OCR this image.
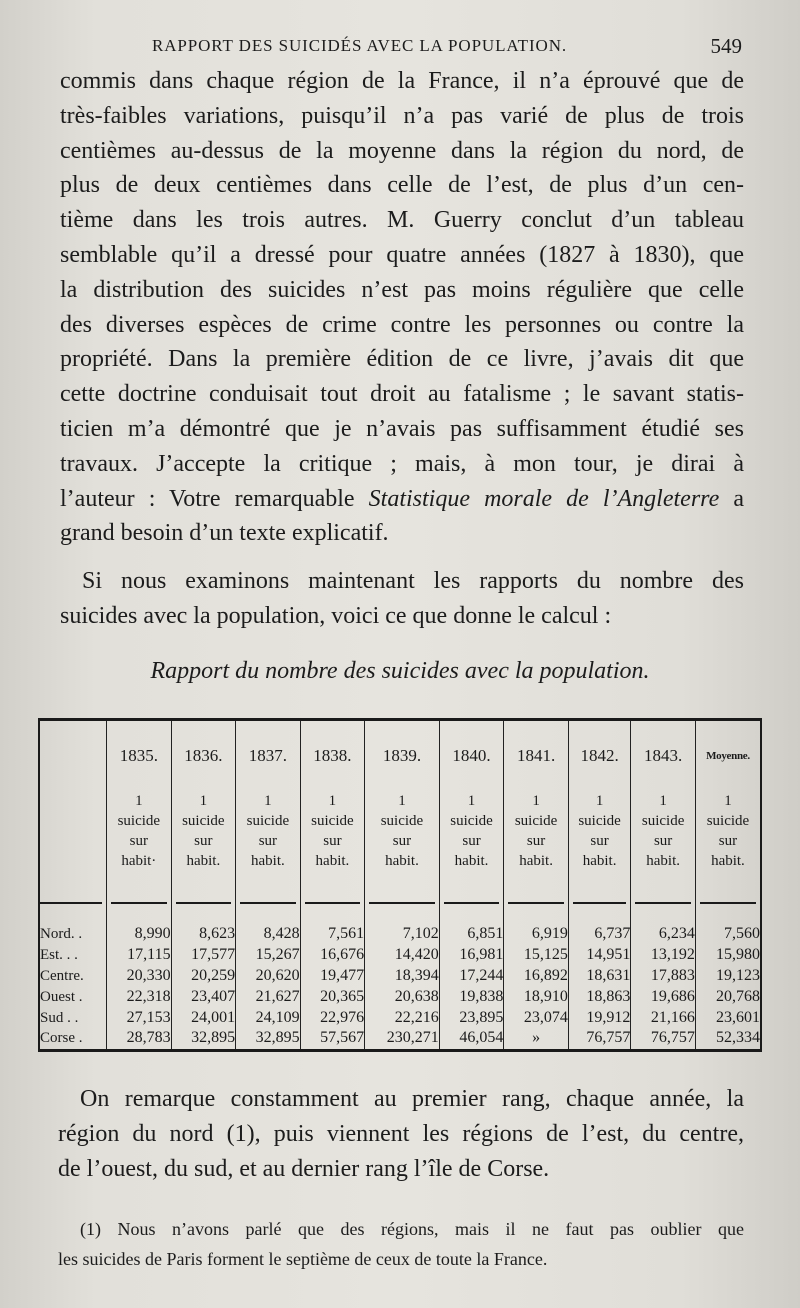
RAPPORT DES SUICIDÉS AVEC LA POPULATION.	549
commis dans chaque région de la France, il n’a éprouvé que de
très-faibles variations, puisqu’il n’a pas varié de plus de trois
centièmes au-dessus de la moyenne dans la région du nord, de
plus de deux centièmes dans celle de l’est, de plus d’un cen-
tième dans les trois autres. M. Guerry conclut d’un tableau
semblable qu’il a dressé pour quatre années (1827 à 1830), que
la distribution des suicides n’est pas moins régulière que celle
des diverses espèces de crime contre les personnes ou contre la
propriété. Dans la première édition de ce livre, j’avais dit que
cette doctrine conduisait tout droit au fatalisme ; le savant statis-
ticien m’a démontré que je n’avais pas suffisamment étudié ses
travaux. J’accepte la critique ; mais, à mon tour, je dirai à
l’auteur : Votre remarquable Statistique morale de l’Angleterre a
grand besoin d’un texte explicatif.
Si nous examinons maintenant les rapports du nombre des
suicides avec la population, voici ce que donne le calcul :
Rapport du nombre des suicides avec la population.
	1835.	1836.	1837.	1838.	1839.	1840.	1841.	1842.	1843.	Moyenne.

	1
suicide
sur
habit·	1
suicide
sur
habit.	1
suicide
sur
habit.	1
suicide
sur
habit.	1
suicide
sur
habit.	1
suicide
sur
habit.	1
suicide
sur
habit.	1
suicide
sur
habit.	1
suicide
sur
habit.	1
suicide
sur
habit.

Nord. .	8,990	8,623	8,428	7,561	7,102	6,851	6,919	6,737	6,234	7,560
Est. . .	17,115	17,577	15,267	16,676	14,420	16,981	15,125	14,951	13,192	15,980
Centre.	20,330	20,259	20,620	19,477	18,394	17,244	16,892	18,631	17,883	19,123
Ouest .	22,318	23,407	21,627	20,365	20,638	19,838	18,910	18,863	19,686	20,768
Sud . .	27,153	24,001	24,109	22,976	22,216	23,895	23,074	19,912	21,166	23,601
Corse .	28,783	32,895	32,895	57,567	230,271	46,054	»	76,757	76,757	52,334

On remarque constamment au premier rang, chaque année, la
région du nord (1), puis viennent les régions de l’est, du centre,
de l’ouest, du sud, et au dernier rang l’île de Corse.
(1) Nous n’avons parlé que des régions, mais il ne faut pas oublier que
les suicides de Paris forment le septième de ceux de toute la France.
